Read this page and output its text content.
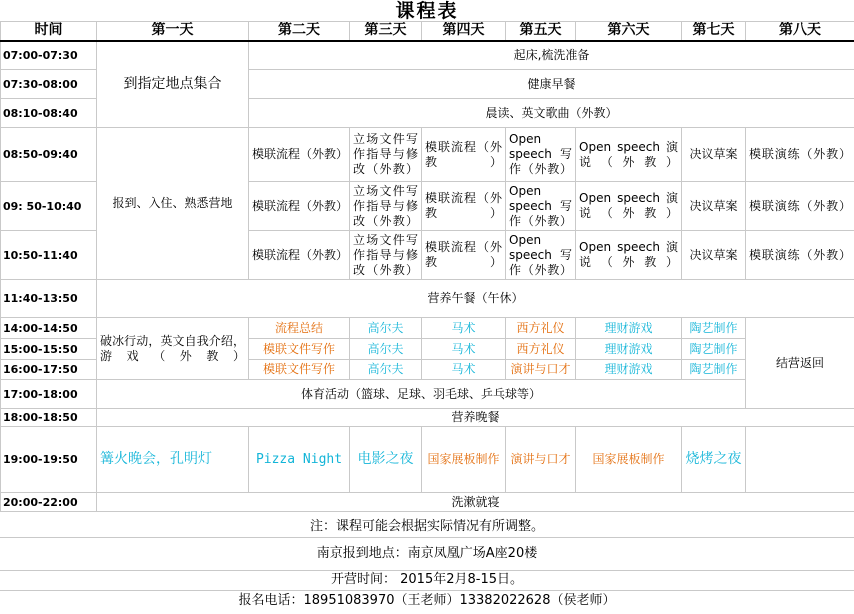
课程表
时间	第一天	第二天	第三天	第四天	第五天	第六天	第七天	第八天
07:00-07:30	到指定地点集合	起床,梳洗准备						
07:30-08:00		健康早餐						
08:10-08:40		晨读、英文歌曲（外教）						
08:50-09:40	报到、入住、熟悉营地	模联流程（外教）	立场文件写作指导与修改（外教）	模联流程（外教）	Open speech 写作（外教）	Open speech 演说（外教）	决议草案	模联演练（外教）
09: 50-10:40		模联流程（外教）	立场文件写作指导与修改（外教）	模联流程（外教）	Open speech 写作（外教）	Open speech 演说（外教）	决议草案	模联演练（外教）
10:50-11:40		模联流程（外教）	立场文件写作指导与修改（外教）	模联流程（外教）	Open speech 写作（外教）	Open speech 演说（外教）	决议草案	模联演练（外教）
11:40-13:50	营养午餐（午休）							
14:00-14:50	破冰行动，英文自我介绍，游戏（外教）	流程总结	高尔夫	马术	西方礼仪	理财游戏	陶艺制作	结营返回
15:00-15:50		模联文件写作	高尔夫	马术	西方礼仪	理财游戏	陶艺制作	
16:00-17:50		模联文件写作	高尔夫	马术	演讲与口才	理财游戏	陶艺制作	
17:00-18:00	体育活动（篮球、足球、羽毛球、乒乓球等）							
18:00-18:50	营养晚餐							
19:00-19:50	篝火晚会，孔明灯	Pizza Night	电影之夜	国家展板制作	演讲与口才	国家展板制作	烧烤之夜	
20:00-22:00	洗漱就寝							
注：课程可能会根据实际情况有所调整。
南京报到地点：南京凤凰广场A座20楼
开营时间： 2015年2月8-15日。
报名电话：18951083970（王老师）13382022628（侯老师）
